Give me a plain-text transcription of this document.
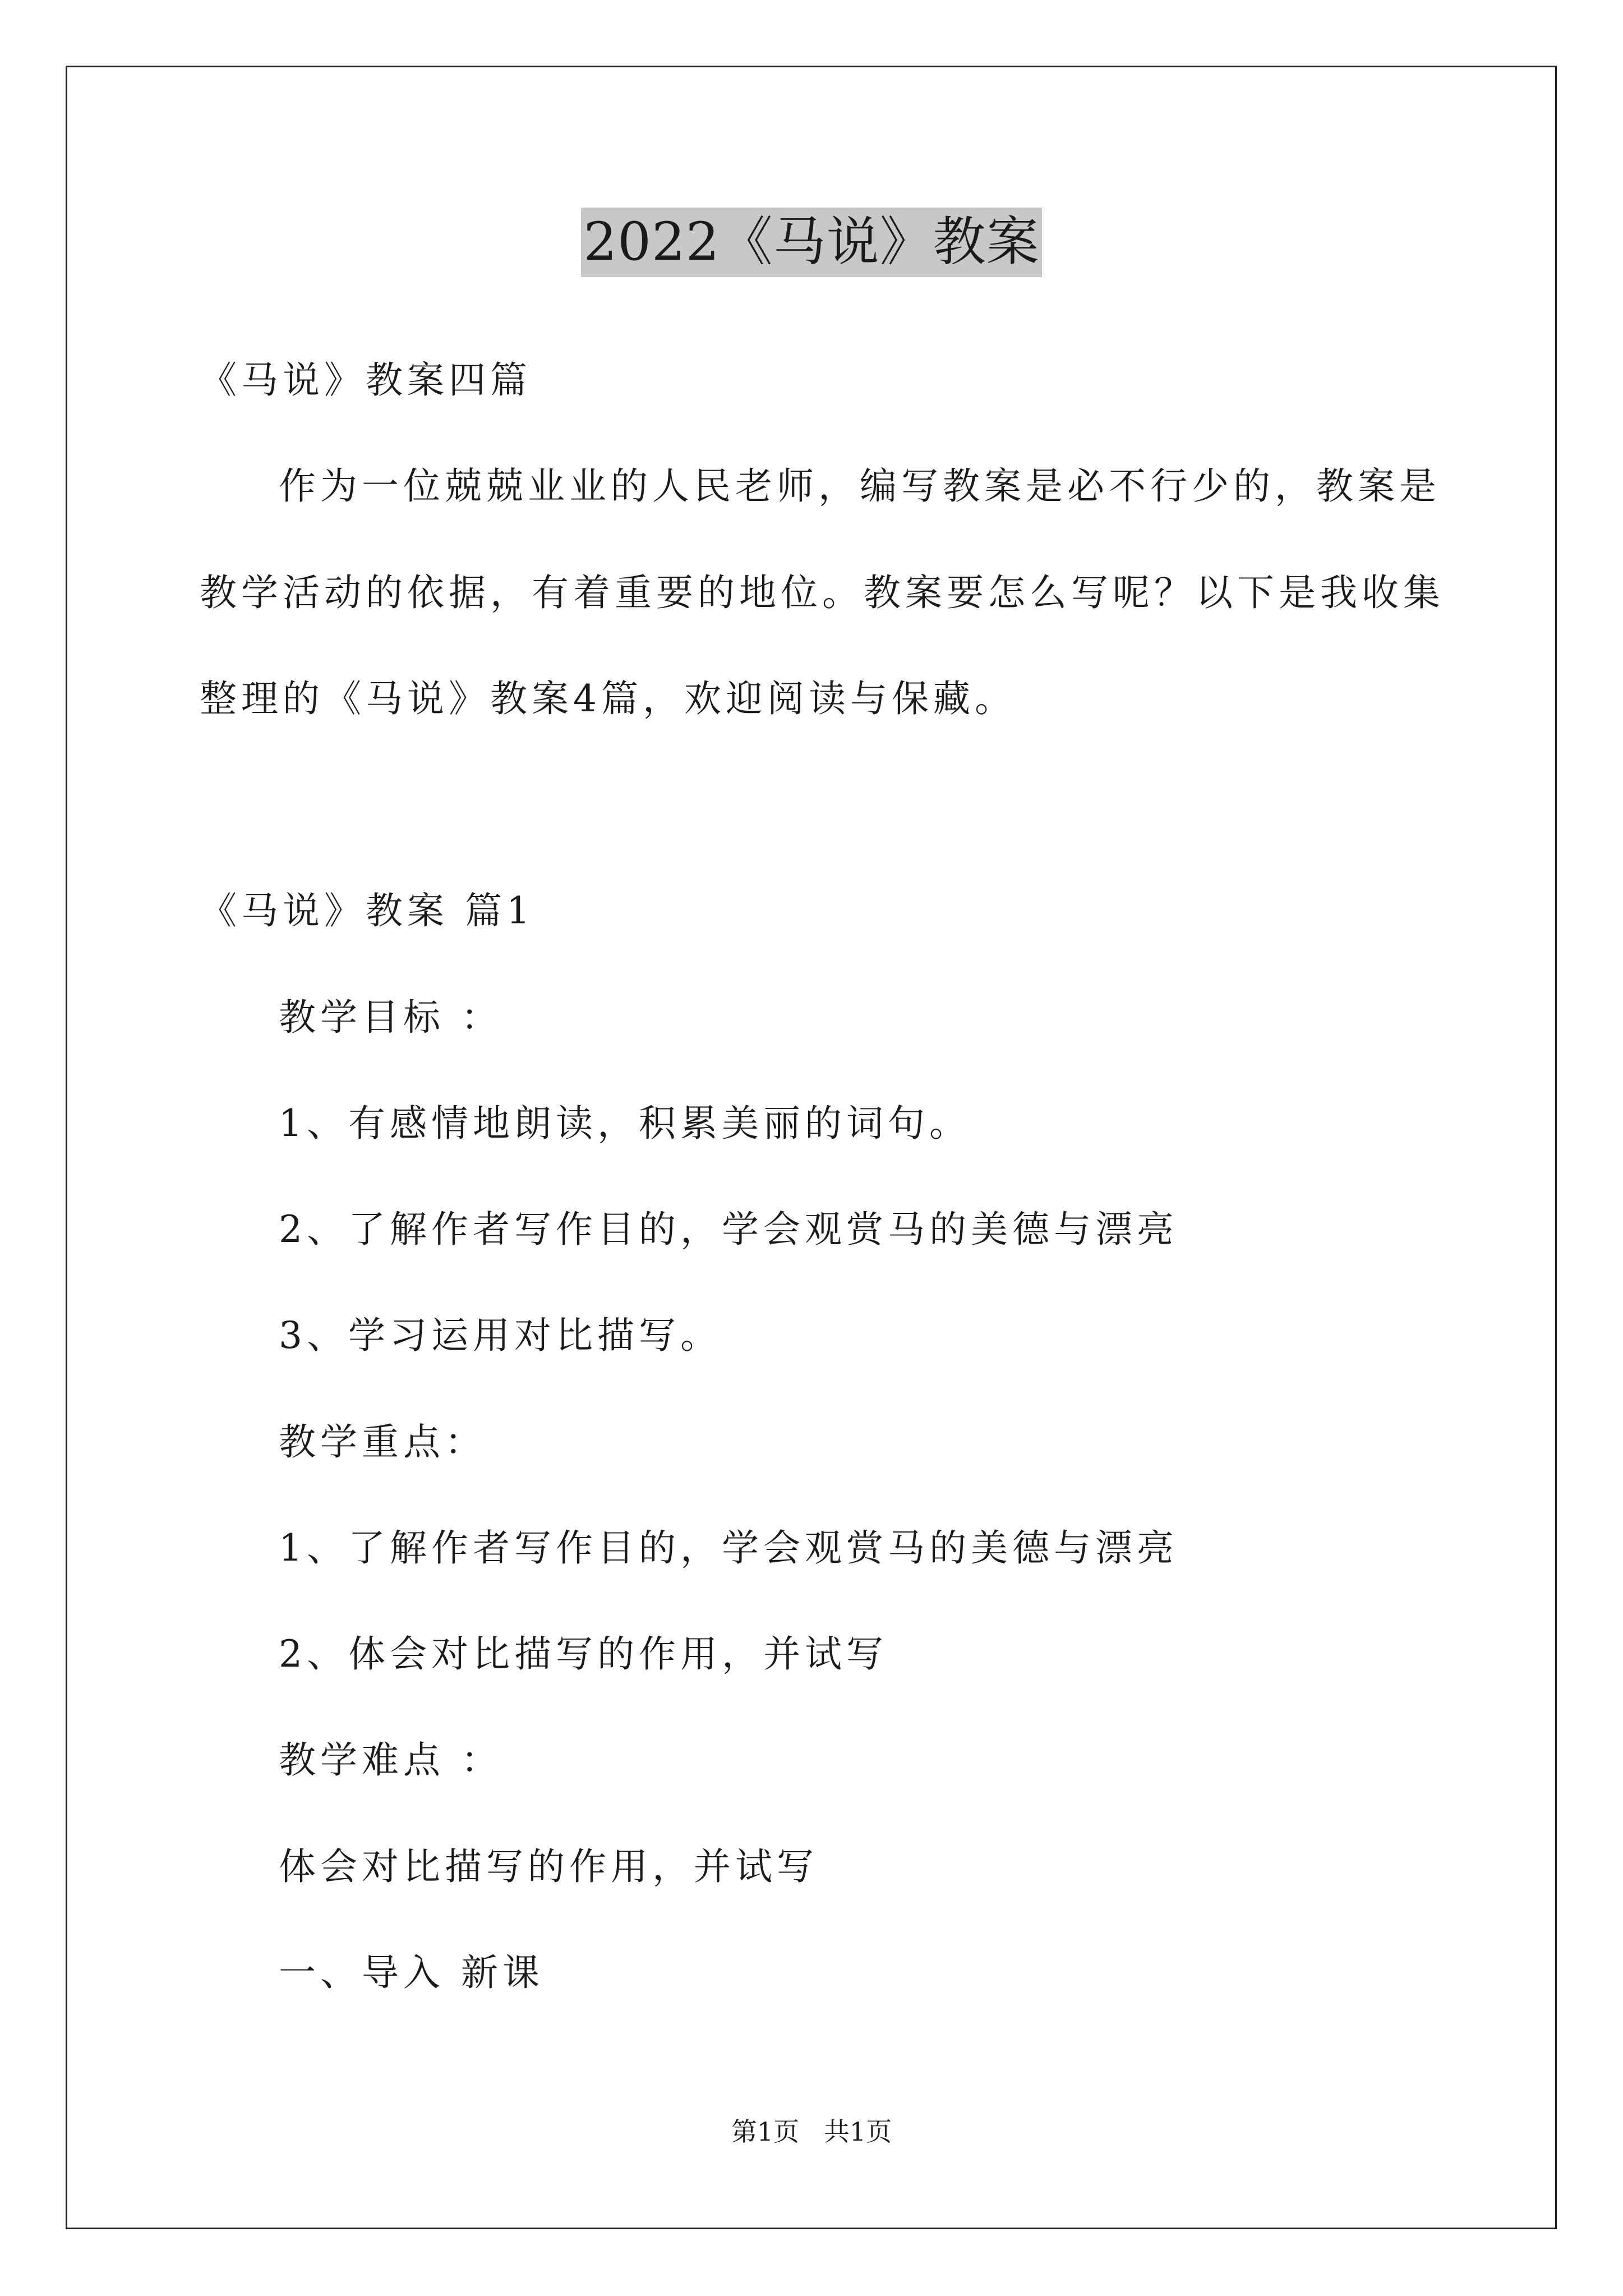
2022《马说》教案
《马说》教案四篇
作为一位兢兢业业的人民老师，编写教案是必不行少的，教案是
教学活动的依据，有着重要的地位。教案要怎么写呢？以下是我收集
整理的《马说》教案4篇，欢迎阅读与保藏。
《马说》教案 篇1
教学目标 ：
1、有感情地朗读，积累美丽的词句。
2、了解作者写作目的，学会观赏马的美德与漂亮
3、学习运用对比描写。
教学重点：
1、了解作者写作目的，学会观赏马的美德与漂亮
2、体会对比描写的作用，并试写
教学难点 ：
体会对比描写的作用，并试写
一、导入 新课
第1页   共1页
